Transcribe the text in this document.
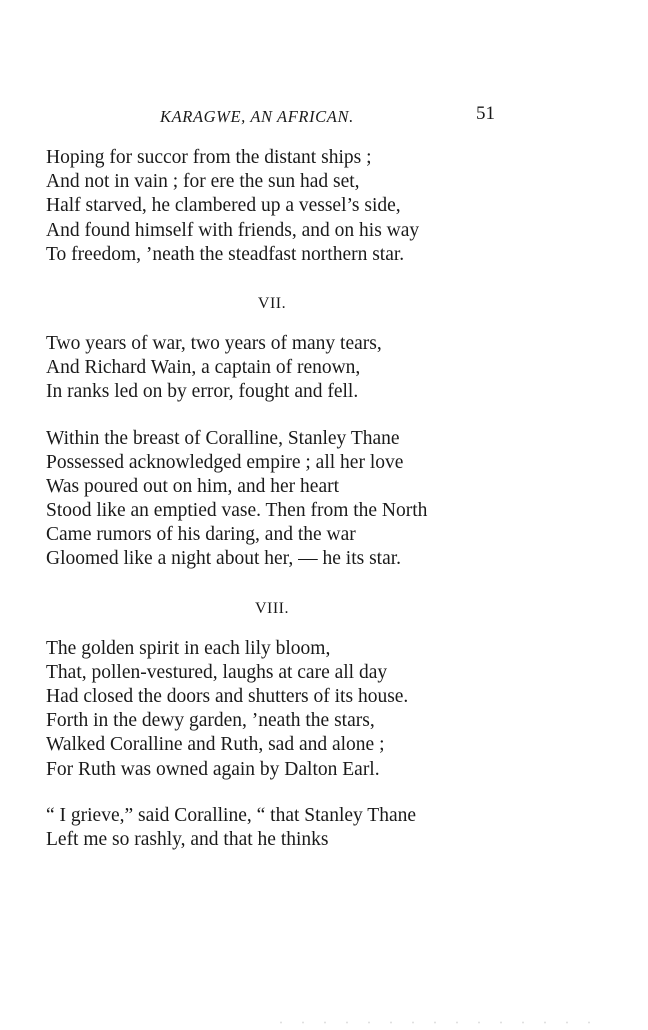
KARAGWE, AN AFRICAN.	51
Hoping for succor from the distant ships ;
And not in vain ; for ere the sun had set,
Half starved, he clambered up a vessel’s side,
And found himself with friends, and on his way
To freedom, ’neath the steadfast northern star.
VII.
Two years of war, two years of many tears,
And Richard Wain, a captain of renown,
In ranks led on by error, fought and fell.
Within the breast of Coralline, Stanley Thane
Possessed acknowledged empire ; all her love
Was poured out on him, and her heart
Stood like an emptied vase. Then from the North
Came rumors of his daring, and the war
Gloomed like a night about her, — he its star.
VIII.
The golden spirit in each lily bloom,
That, pollen-vestured, laughs at care all day
Had closed the doors and shutters of its house.
Forth in the dewy garden, ’neath the stars,
Walked Coralline and Ruth, sad and alone ;
For Ruth was owned again by Dalton Earl.
“ I grieve,” said Coralline, “ that Stanley Thane
Left me so rashly, and that he thinks
